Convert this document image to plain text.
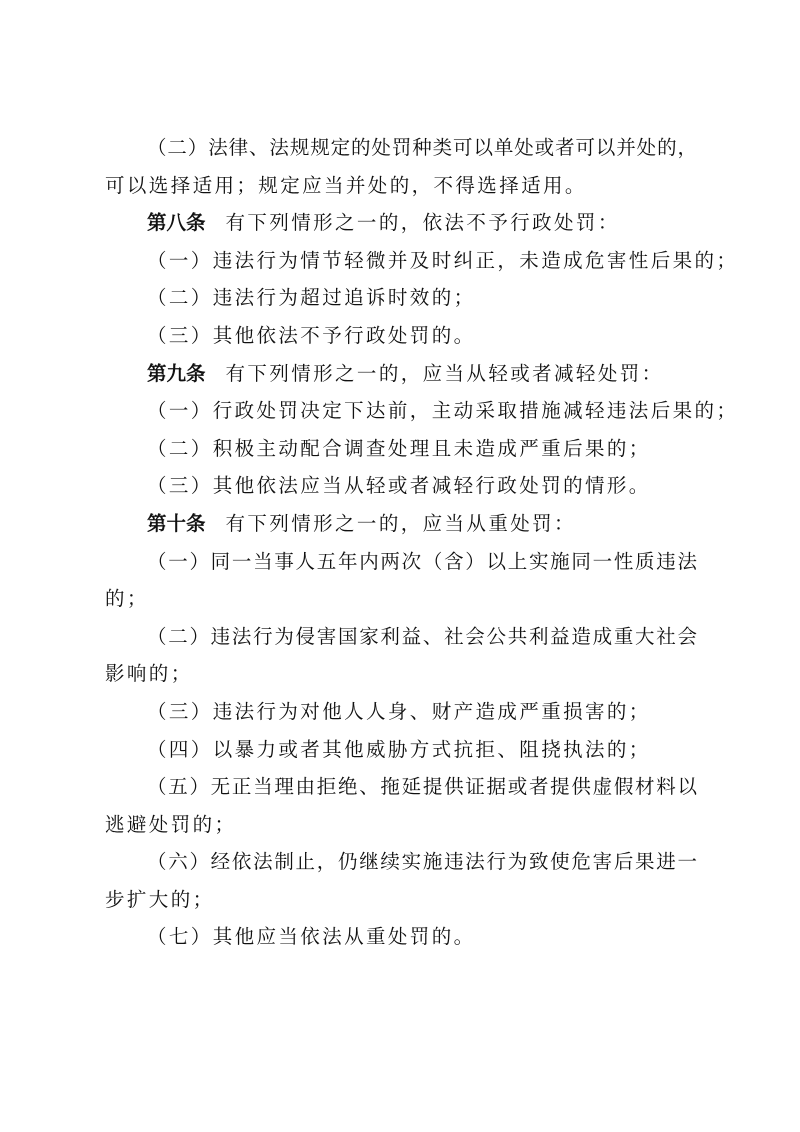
（二）法律、法规规定的处罚种类可以单处或者可以并处的，
可以选择适用；规定应当并处的，不得选择适用。
第八条 有下列情形之一的，依法不予行政处罚：
（一）违法行为情节轻微并及时纠正，未造成危害性后果的；
（二）违法行为超过追诉时效的；
（三）其他依法不予行政处罚的。
第九条 有下列情形之一的，应当从轻或者减轻处罚：
（一）行政处罚决定下达前，主动采取措施减轻违法后果的；
（二）积极主动配合调查处理且未造成严重后果的；
（三）其他依法应当从轻或者减轻行政处罚的情形。
第十条 有下列情形之一的，应当从重处罚：
（一）同一当事人五年内两次（含）以上实施同一性质违法
的；
（二）违法行为侵害国家利益、社会公共利益造成重大社会
影响的；
（三）违法行为对他人人身、财产造成严重损害的；
（四）以暴力或者其他威胁方式抗拒、阻挠执法的；
（五）无正当理由拒绝、拖延提供证据或者提供虚假材料以
逃避处罚的；
（六）经依法制止，仍继续实施违法行为致使危害后果进一
步扩大的；
（七）其他应当依法从重处罚的。
